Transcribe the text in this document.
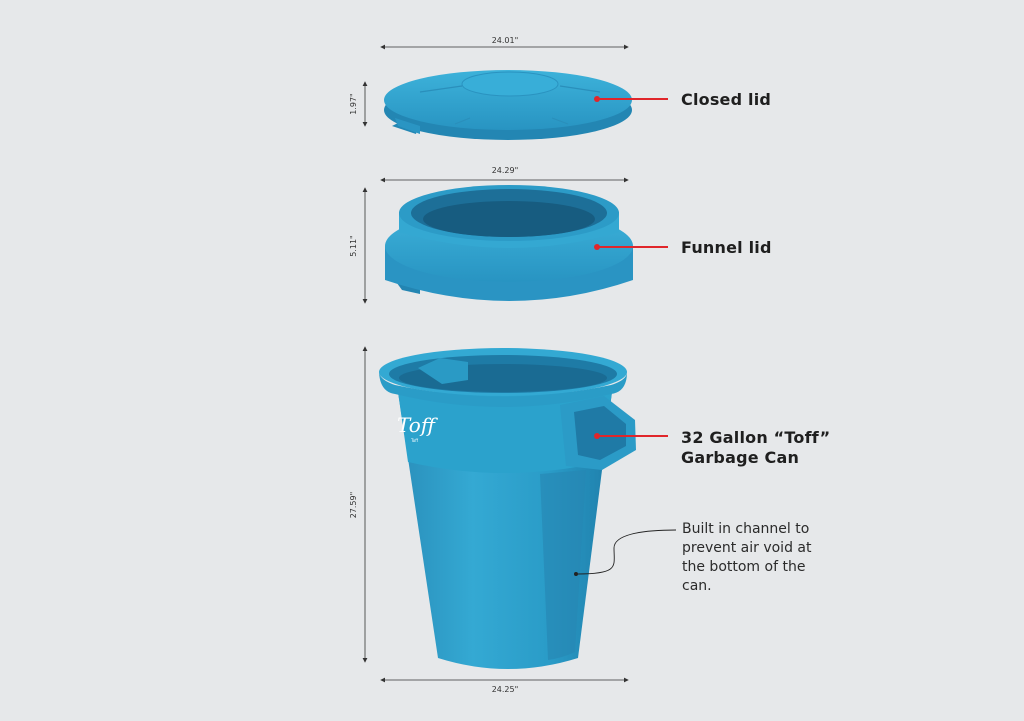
Toff
Toff
24.01"
1.97"
24.29"
5.11"
27.59"
24.25"
Closed lid
Funnel lid
32 Gallon “Toff”
Garbage Can
Built in channel to prevent air void at the bottom of the can.
